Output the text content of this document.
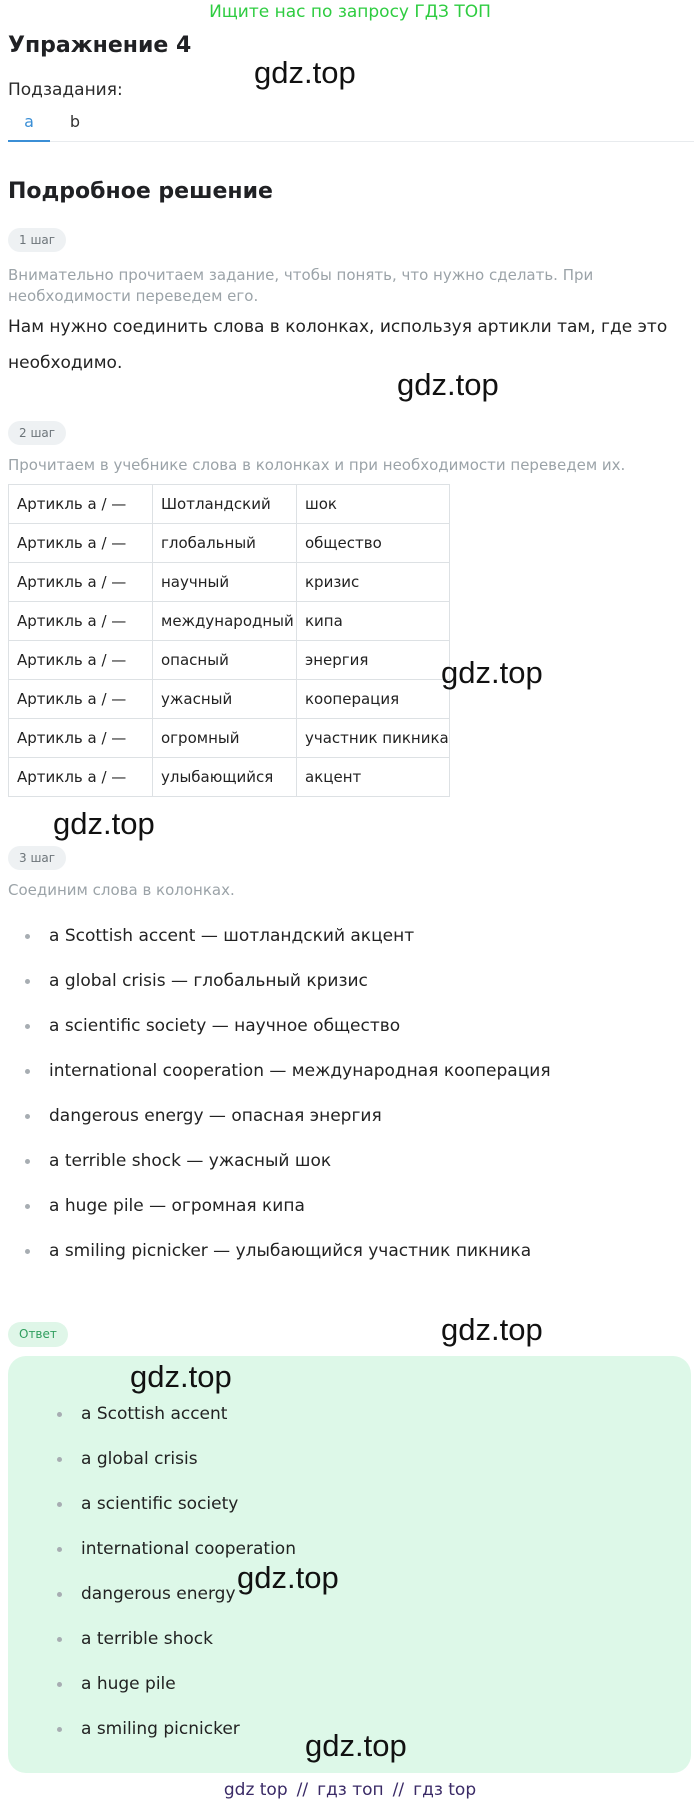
Ищите нас по запросу ГДЗ ТОП
Упражнение 4
Подзадания:
a	b
Подробное решение
1 шаг
Внимательно прочитаем задание, чтобы понять, что нужно сделать. При необходимости переведем его.
Нам нужно соединить слова в колонках, используя артикли там, где это необходимо.
2 шаг
Прочитаем в учебнике слова в колонках и при необходимости переведем их.
Артикль a / —	Шотландский	шок
Артикль a / —	глобальный	общество
Артикль a / —	научный	кризис
Артикль a / —	международный	кипа
Артикль a / —	опасный	энергия
Артикль a / —	ужасный	кооперация
Артикль a / —	огромный	участник пикника
Артикль a / —	улыбающийся	акцент
3 шаг
Соединим слова в колонках.
a Scottish accent — шотландский акцент
a global crisis — глобальный кризис
a scientific society — научное общество
international cooperation — международная кооперация
dangerous energy — опасная энергия
a terrible shock — ужасный шок
a huge pile — огромная кипа
a smiling picnicker — улыбающийся участник пикника
Ответ
a Scottish accent
a global crisis
a scientific society
international cooperation
dangerous energy
a terrible shock
a huge pile
a smiling picnicker
gdz.top
gdz.top
gdz.top
gdz.top
gdz.top
gdz.top
gdz.top
gdz.top
gdz top // гдз топ // гдз top
